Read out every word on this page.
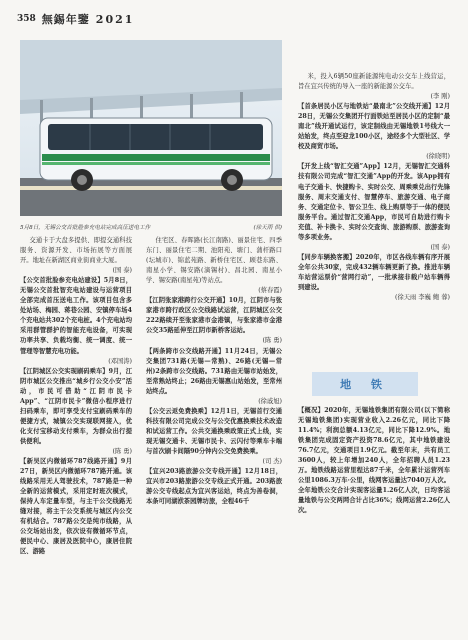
358 無錫年鑒 2021
5月8日，无锡公交首批脸参充电站完成高压送电工作	(徐天雨 供)

交通卡于大盘多提供、即提交通科技服务、资源开发、市场拓展等方面展开。地址在新湖区商业街商业大厦。

(国 泰)

【公交首批脸参充电站建设】5月8日，无锡公交首批智充电站建设与运营项目全部完成首压送电工作。该项目包含多处站场、梅园、蒋巷公园、安镇停车场4个充电站共302个充电桩。4个充电站均采用群管群护的智能充电设备，可实现功率共享、负载均衡、统一调度、统一管理等智慧充电功能。

(邓国涛)

【江阴城区公交实现刷码乘车】9月，江阴市城区公交推出“城乡行公交小安”活动，市民可借助“江阴市民卡App”、“江阴市民卡”微信小程序进行扫码乘车，即可享受支付宝刷码乘车的便捷方式，城镇公交实现联网接入，优化支付宝移动支付乘车，为群众出行提供便利。

(陈 勇)

【新吴区内微循环787线路开通】9月27日，新吴区内微循环787路开通。该线路采用无人驾驶技术，787路是一种全新的运营模式，采用定时班次模式，保持人车定量车型，与主干公交线路无缝对接，将主干公交系统与城区内公交有机结合。787路公交是纯市线路，从公交场站出发，依次设有微循环节点，便民中心、康居及医院中心，康居住院区、游路

住宅区、春晖路(长江南路)、丽景住宅、四季东门、丽景住宅二期、池阳苑、塘门、蒲杆路口(坛城市)、锦蓝苑路、新桥住宅区、顾巷东路、南星小学、锡安路(滴锡村)、昌北园、南星小学、锡安路(南星苑)等站点。

(蔡春霞)

【江阴张家港跨行公交开通】10月，江阴市与张家港市跨行政区公交线路试运营，江阴城区公交222路续开至张家港市金港镇，与张家港市金港公交35路延伸至江阴市新桥客运站。

(陈 勇)

【两条跨市公交线路开通】11月24日，无锡公交集团731路(无锡—常熟)、26路(无锡—常州)2条跨市公交线路。731路由无锡市站始发，至常熟站终止；26路由无锡惠山站始发，至常州站终点。

(徐戚旭)

【公交云返免费换乘】12月1日，无锡首行交通科技有限公司完成公交与公交优惠换乘技术改造和试运营工作。公共交通换乘政策正式上线，实现无锡交通卡、无锡市民卡、云闪付等乘车卡端与首次刷卡间隔90分钟内公交免费换乘。

(司 杰)

【宜兴203路旅游公交专线开通】12月18日，宜兴市203路旅游公交专线正式开通。203路旅游公交专线起点为宜兴客运站，终点为善卷洞，本条可同湖洑茶园牌坊旅，全程46千

米，投入6辆50座新能源纯电动公交车上线营运，旨在宜兴传统的导入一座的新能源公交车。

(李 刚)

【首条居民小区与地铁站“最南北”公交线开通】12月28日，无锡公交集团开行面铁站至居民小区的定制“最南北”线开通试运行，该定制线由无锡地铁1号线大一站始发，终点至迎龙100小区，途经多个大型社区、学校及商贸市场。

(徐晓明)

【开发上线“智汇交通”App】12月，无锡智汇交通科技有限公司完成“智汇交通”App的开发。该App拥有电子交通卡、快捷购卡、实时公交、周乘乘兑出行先锋服务、周末交通支付、智慧停车、旅游交通、电子商务、交通定位卡、智公卫生、线上购票等于一体的便民服务平台。通过智汇交通App，市民可自助进行购卡充值、补卡换卡、实时公交查询、旅游购票、旅游查询等多项业务。

(国 泰)

【同步车辆换客搬】2020年，市区各线车辆有序开展全年公共30家，完成432辆车辆更新了换。推进车辆车站营运票价“营网行动”，一批承接非载户站车辆得到建设。

(徐天雨 李巍 鲍 蓉)

地 铁

【概况】2020年，无锡地铁集团有限公司(以下简称无锡地铁集团)实现营业收入2.26亿元，同比下降11.4%；利润总额4.13亿元，同比下降12.9%。地铁集团完成固定资产投资78.6亿元，其中地铁建设76.7亿元，交通项目1.9亿元。截至年末，共有员工3600人，较上年增加240人，全年招聘人员1.23万。地铁线路运营里程达87千米，全年累计运营列车公里1086.3万车·公里，线网客运量达7040万人次。全年地铁公交合计实现客运量1.26亿人次，日均客运量地铁与公交两网合计占比36%；线网运营2.26亿人次。
